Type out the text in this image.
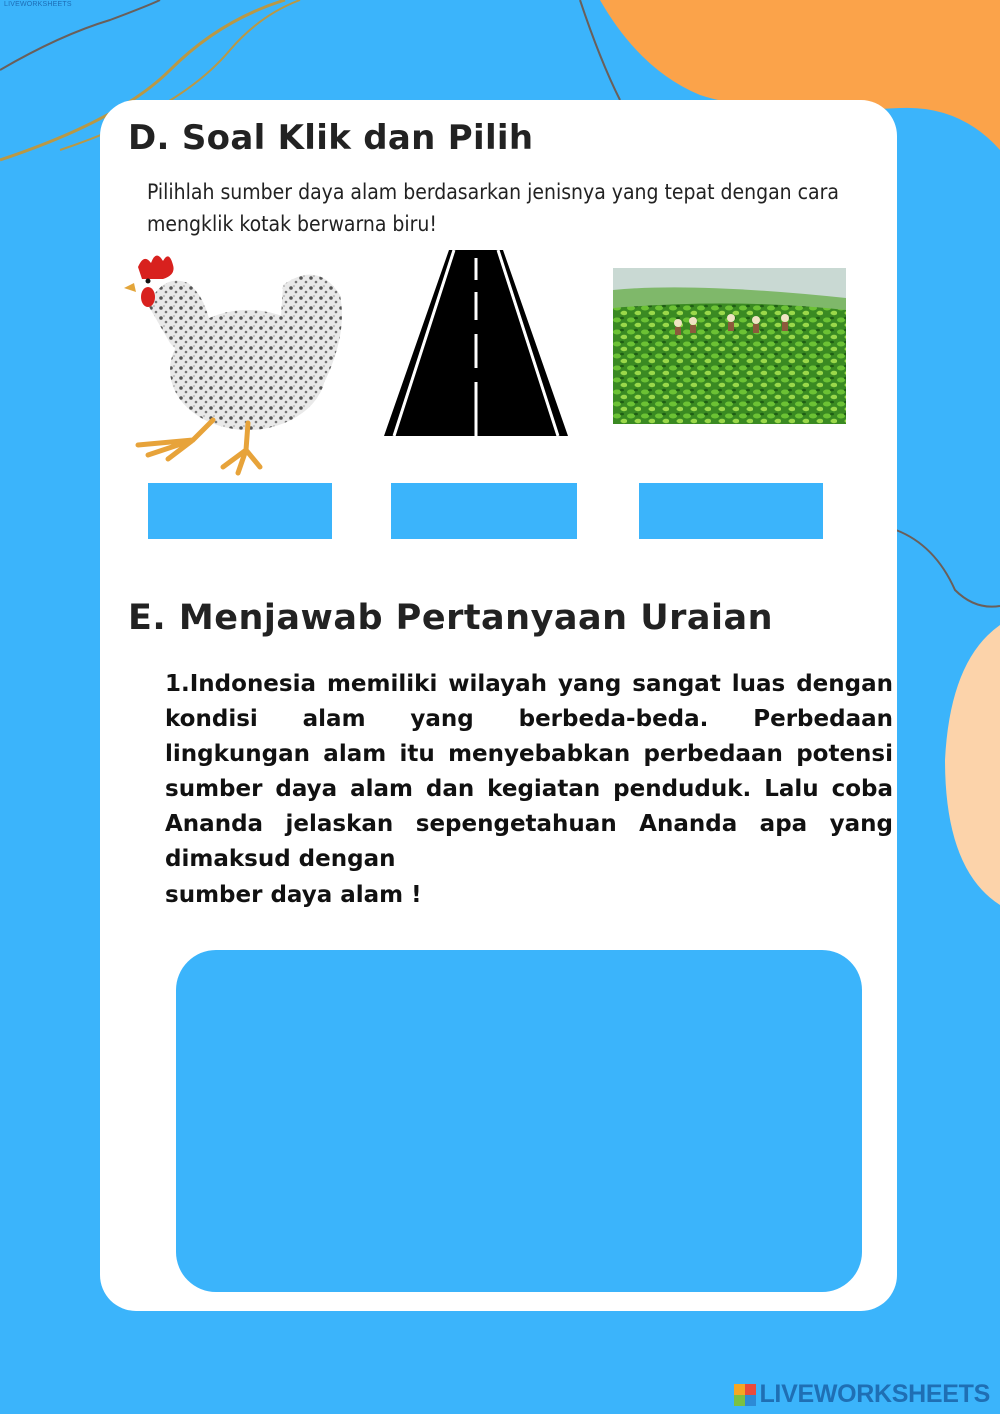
LIVEWORKSHEETS
D. Soal Klik dan Pilih

Pilihlah sumber daya alam berdasarkan jenisnya yang tepat dengan cara mengklik kotak berwarna biru!

E. Menjawab Pertanyaan Uraian

1.Indonesia memiliki wilayah yang sangat luas dengan kondisi alam yang berbeda-beda. Perbedaan lingkungan alam itu menyebabkan perbedaan potensi sumber daya alam dan kegiatan penduduk. Lalu coba Ananda jelaskan sepengetahuan Ananda apa yang dimaksud dengan

sumber daya alam !

LIVEWORKSHEETS
